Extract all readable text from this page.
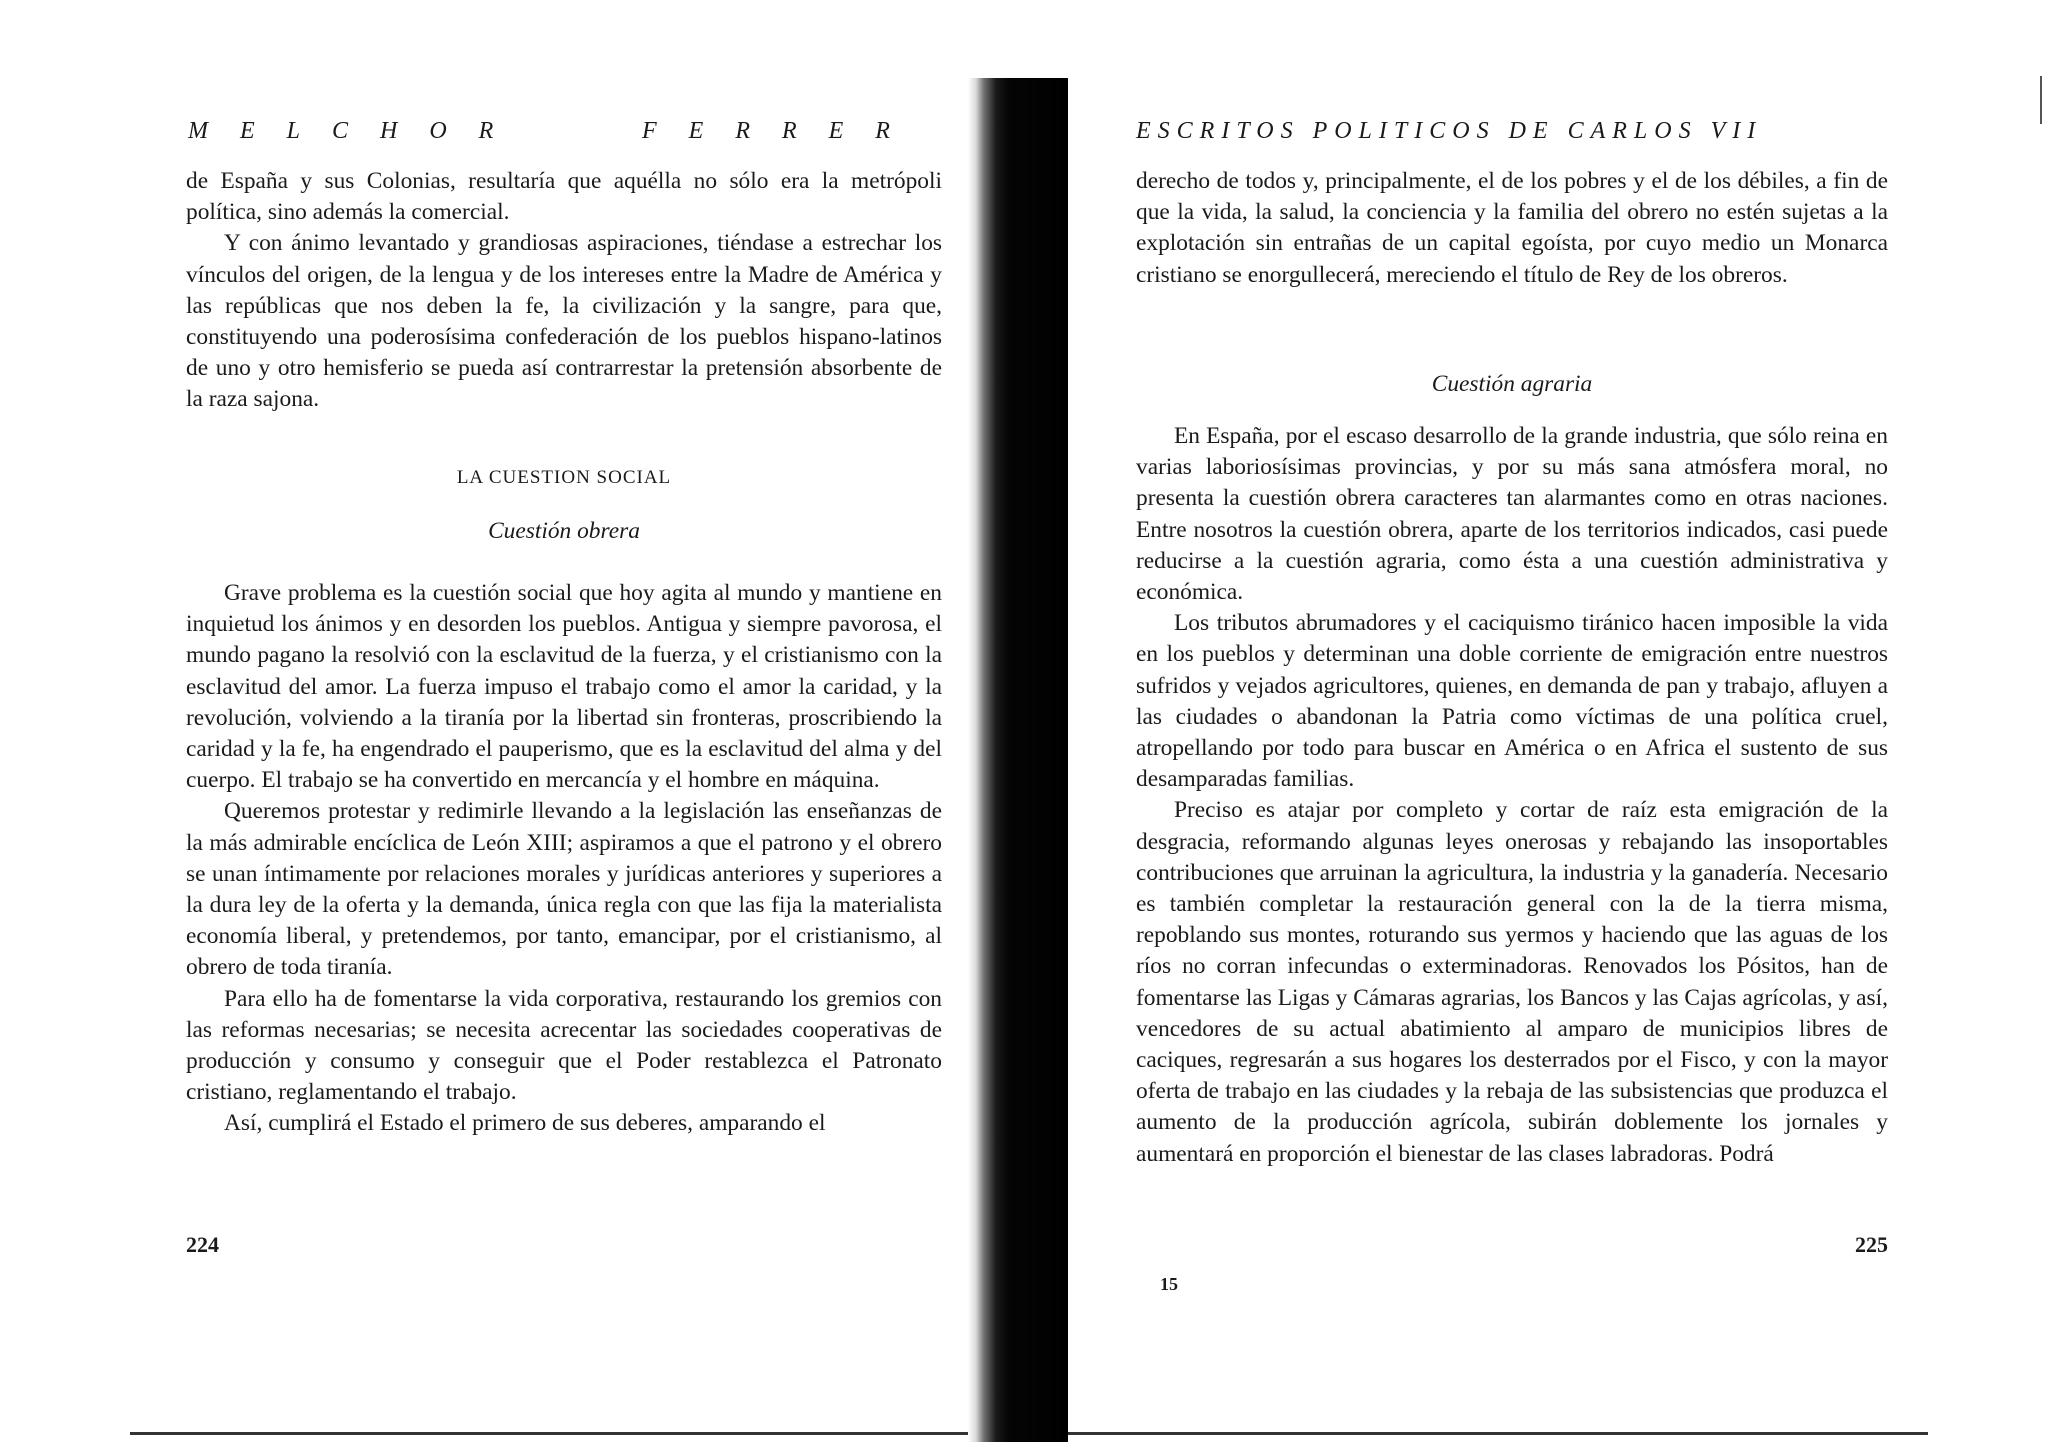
MELCHOR	FERRER

de España y sus Colonias, resultaría que aquélla no sólo era la metrópoli política, sino además la comercial.

Y con ánimo levantado y grandiosas aspiraciones, tiéndase a estrechar los vínculos del origen, de la lengua y de los intereses entre la Madre de América y las repúblicas que nos deben la fe, la civilización y la sangre, para que, constituyendo una poderosísima confederación de los pueblos hispano-latinos de uno y otro hemisferio se pueda así contrarrestar la pretensión absorbente de la raza sajona.

LA CUESTION SOCIAL
Cuestión obrera

Grave problema es la cuestión social que hoy agita al mundo y mantiene en inquietud los ánimos y en desorden los pueblos. Antigua y siempre pavorosa, el mundo pagano la resolvió con la esclavitud de la fuerza, y el cristianismo con la esclavitud del amor. La fuerza impuso el trabajo como el amor la caridad, y la revolución, volviendo a la tiranía por la libertad sin fronteras, proscribiendo la caridad y la fe, ha engendrado el pauperismo, que es la esclavitud del alma y del cuerpo. El trabajo se ha convertido en mercancía y el hombre en máquina.

Queremos protestar y redimirle llevando a la legislación las enseñanzas de la más admirable encíclica de León XIII; aspiramos a que el patrono y el obrero se unan íntimamente por relaciones morales y jurídicas anteriores y superiores a la dura ley de la oferta y la demanda, única regla con que las fija la materialista economía liberal, y pretendemos, por tanto, emancipar, por el cristianismo, al obrero de toda tiranía.

Para ello ha de fomentarse la vida corporativa, restaurando los gremios con las reformas necesarias; se necesita acrecentar las sociedades cooperativas de producción y consumo y conseguir que el Poder restablezca el Patronato cristiano, reglamentando el trabajo.

Así, cumplirá el Estado el primero de sus deberes, amparando el

224
ESCRITOS POLITICOS DE CARLOS VII

derecho de todos y, principalmente, el de los pobres y el de los débiles, a fin de que la vida, la salud, la conciencia y la familia del obrero no estén sujetas a la explotación sin entrañas de un capital egoísta, por cuyo medio un Monarca cristiano se enorgullecerá, mereciendo el título de Rey de los obreros.

Cuestión agraria

En España, por el escaso desarrollo de la grande industria, que sólo reina en varias laboriosísimas provincias, y por su más sana atmósfera moral, no presenta la cuestión obrera caracteres tan alarmantes como en otras naciones. Entre nosotros la cuestión obrera, aparte de los territorios indicados, casi puede reducirse a la cuestión agraria, como ésta a una cuestión administrativa y económica.

Los tributos abrumadores y el caciquismo tiránico hacen imposible la vida en los pueblos y determinan una doble corriente de emigración entre nuestros sufridos y vejados agricultores, quienes, en demanda de pan y trabajo, afluyen a las ciudades o abandonan la Patria como víctimas de una política cruel, atropellando por todo para buscar en América o en Africa el sustento de sus desamparadas familias.

Preciso es atajar por completo y cortar de raíz esta emigración de la desgracia, reformando algunas leyes onerosas y rebajando las insoportables contribuciones que arruinan la agricultura, la industria y la ganadería. Necesario es también completar la restauración general con la de la tierra misma, repoblando sus montes, roturando sus yermos y haciendo que las aguas de los ríos no corran infecundas o exterminadoras. Renovados los Pósitos, han de fomentarse las Ligas y Cámaras agrarias, los Bancos y las Cajas agrícolas, y así, vencedores de su actual abatimiento al amparo de municipios libres de caciques, regresarán a sus hogares los desterrados por el Fisco, y con la mayor oferta de trabajo en las ciudades y la rebaja de las subsistencias que produzca el aumento de la producción agrícola, subirán doblemente los jornales y aumentará en proporción el bienestar de las clases labradoras. Podrá

225
15
